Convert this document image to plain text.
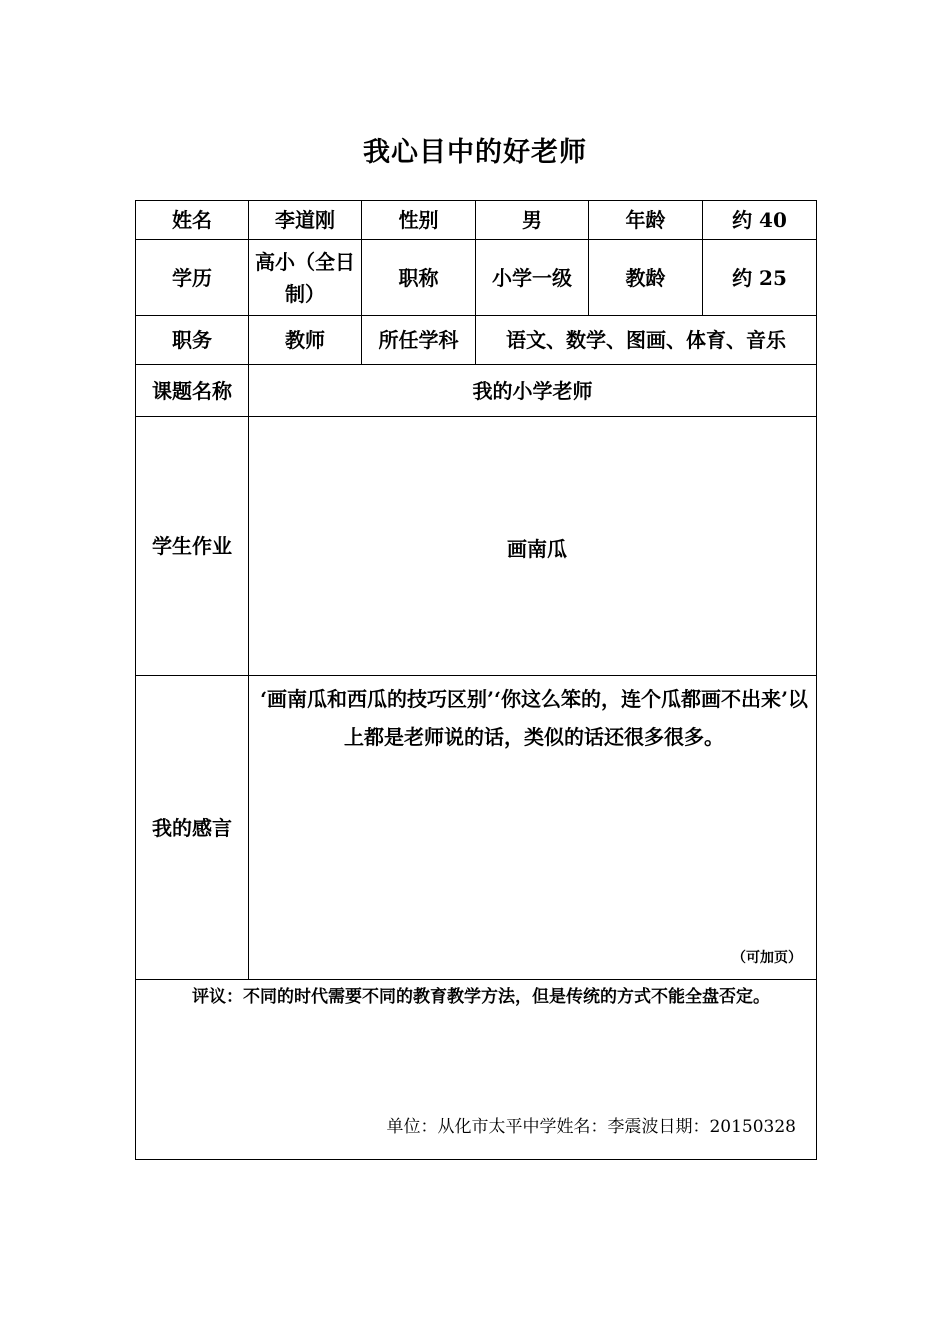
我心目中的好老师
姓名	李道刚	性别	男	年龄	约 40
学历	高小（全日制）	职称	小学一级	教龄	约 25
职务	教师	所任学科	语文、数学、图画、体育、音乐		
课题名称	我的小学老师				
学生作业	画南瓜				

我的感言	‘画南瓜和西瓜的技巧区别’‘你这么笨的，连个瓜都画不出来’以上都是老师说的话，类似的话还很多很多。
（可加页）				

评议：不同的时代需要不同的教育教学方法，但是传统的方式不能全盘否定。
单位：从化市太平中学姓名：李震波日期：20150328					
